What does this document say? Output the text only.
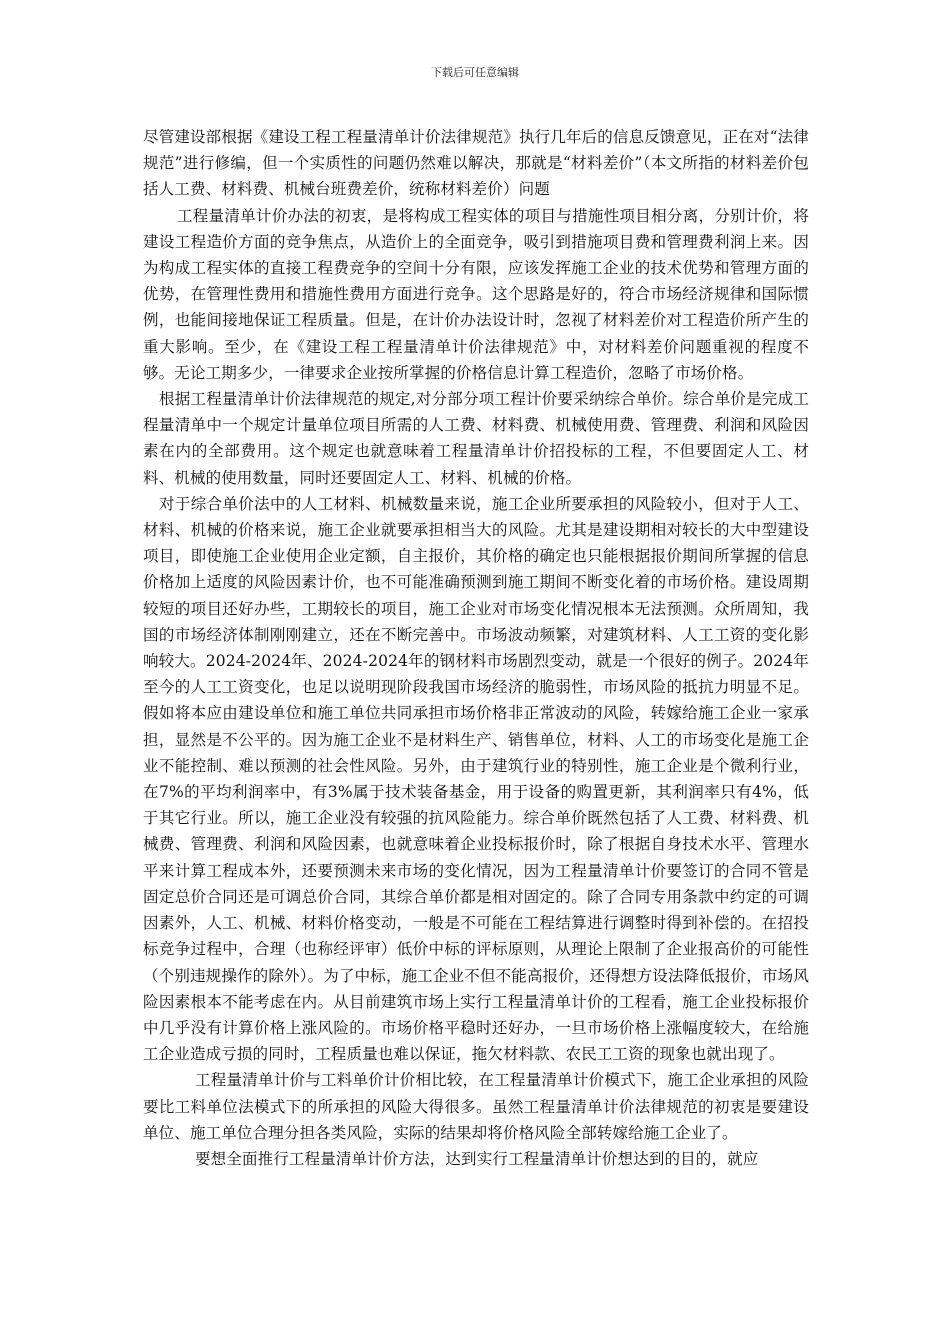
下载后可任意编辑

尽管建设部根据《建设工程工程量清单计价法律规范》执行几年后的信息反馈意见，正在对“法律规范”进行修编，但一个实质性的问题仍然难以解决，那就是“材料差价”（本文所指的材料差价包括人工费、材料费、机械台班费差价，统称材料差价）问题

工程量清单计价办法的初衷，是将构成工程实体的项目与措施性项目相分离，分别计价，将建设工程造价方面的竞争焦点，从造价上的全面竞争，吸引到措施项目费和管理费利润上来。因为构成工程实体的直接工程费竞争的空间十分有限，应该发挥施工企业的技术优势和管理方面的优势，在管理性费用和措施性费用方面进行竞争。这个思路是好的，符合市场经济规律和国际惯例，也能间接地保证工程质量。但是，在计价办法设计时，忽视了材料差价对工程造价所产生的重大影响。至少，在《建设工程工程量清单计价法律规范》中，对材料差价问题重视的程度不够。无论工期多少，一律要求企业按所掌握的价格信息计算工程造价，忽略了市场价格。

根据工程量清单计价法律规范的规定,对分部分项工程计价要采纳综合单价。综合单价是完成工程量清单中一个规定计量单位项目所需的人工费、材料费、机械使用费、管理费、利润和风险因素在内的全部费用。这个规定也就意味着工程量清单计价招投标的工程，不但要固定人工、材料、机械的使用数量，同时还要固定人工、材料、机械的价格。

对于综合单价法中的人工材料、机械数量来说，施工企业所要承担的风险较小，但对于人工、材料、机械的价格来说，施工企业就要承担相当大的风险。尤其是建设期相对较长的大中型建设项目，即使施工企业使用企业定额，自主报价，其价格的确定也只能根据报价期间所掌握的信息价格加上适度的风险因素计价，也不可能准确预测到施工期间不断变化着的市场价格。建设周期较短的项目还好办些，工期较长的项目，施工企业对市场变化情况根本无法预测。众所周知，我国的市场经济体制刚刚建立，还在不断完善中。市场波动频繁，对建筑材料、人工工资的变化影响较大。2024-2024年、2024-2024年的钢材料市场剧烈变动，就是一个很好的例子。2024年至今的人工工资变化，也足以说明现阶段我国市场经济的脆弱性，市场风险的抵抗力明显不足。假如将本应由建设单位和施工单位共同承担市场价格非正常波动的风险，转嫁给施工企业一家承担，显然是不公平的。因为施工企业不是材料生产、销售单位，材料、人工的市场变化是施工企业不能控制、难以预测的社会性风险。另外，由于建筑行业的特别性，施工企业是个微利行业，在7%的平均利润率中，有3%属于技术装备基金，用于设备的购置更新，其利润率只有4%，低于其它行业。所以，施工企业没有较强的抗风险能力。综合单价既然包括了人工费、材料费、机械费、管理费、利润和风险因素，也就意味着企业投标报价时，除了根据自身技术水平、管理水平来计算工程成本外，还要预测未来市场的变化情况，因为工程量清单计价要签订的合同不管是固定总价合同还是可调总价合同，其综合单价都是相对固定的。除了合同专用条款中约定的可调因素外，人工、机械、材料价格变动，一般是不可能在工程结算进行调整时得到补偿的。在招投标竞争过程中，合理（也称经评审）低价中标的评标原则，从理论上限制了企业报高价的可能性（个别违规操作的除外）。为了中标，施工企业不但不能高报价，还得想方设法降低报价，市场风险因素根本不能考虑在内。从目前建筑市场上实行工程量清单计价的工程看，施工企业投标报价中几乎没有计算价格上涨风险的。市场价格平稳时还好办，一旦市场价格上涨幅度较大，在给施工企业造成亏损的同时，工程质量也难以保证，拖欠材料款、农民工工资的现象也就出现了。

工程量清单计价与工料单价计价相比较，在工程量清单计价模式下，施工企业承担的风险要比工料单位法模式下的所承担的风险大得很多。虽然工程量清单计价法律规范的初衷是要建设单位、施工单位合理分担各类风险，实际的结果却将价格风险全部转嫁给施工企业了。

要想全面推行工程量清单计价方法，达到实行工程量清单计价想达到的目的，就应
